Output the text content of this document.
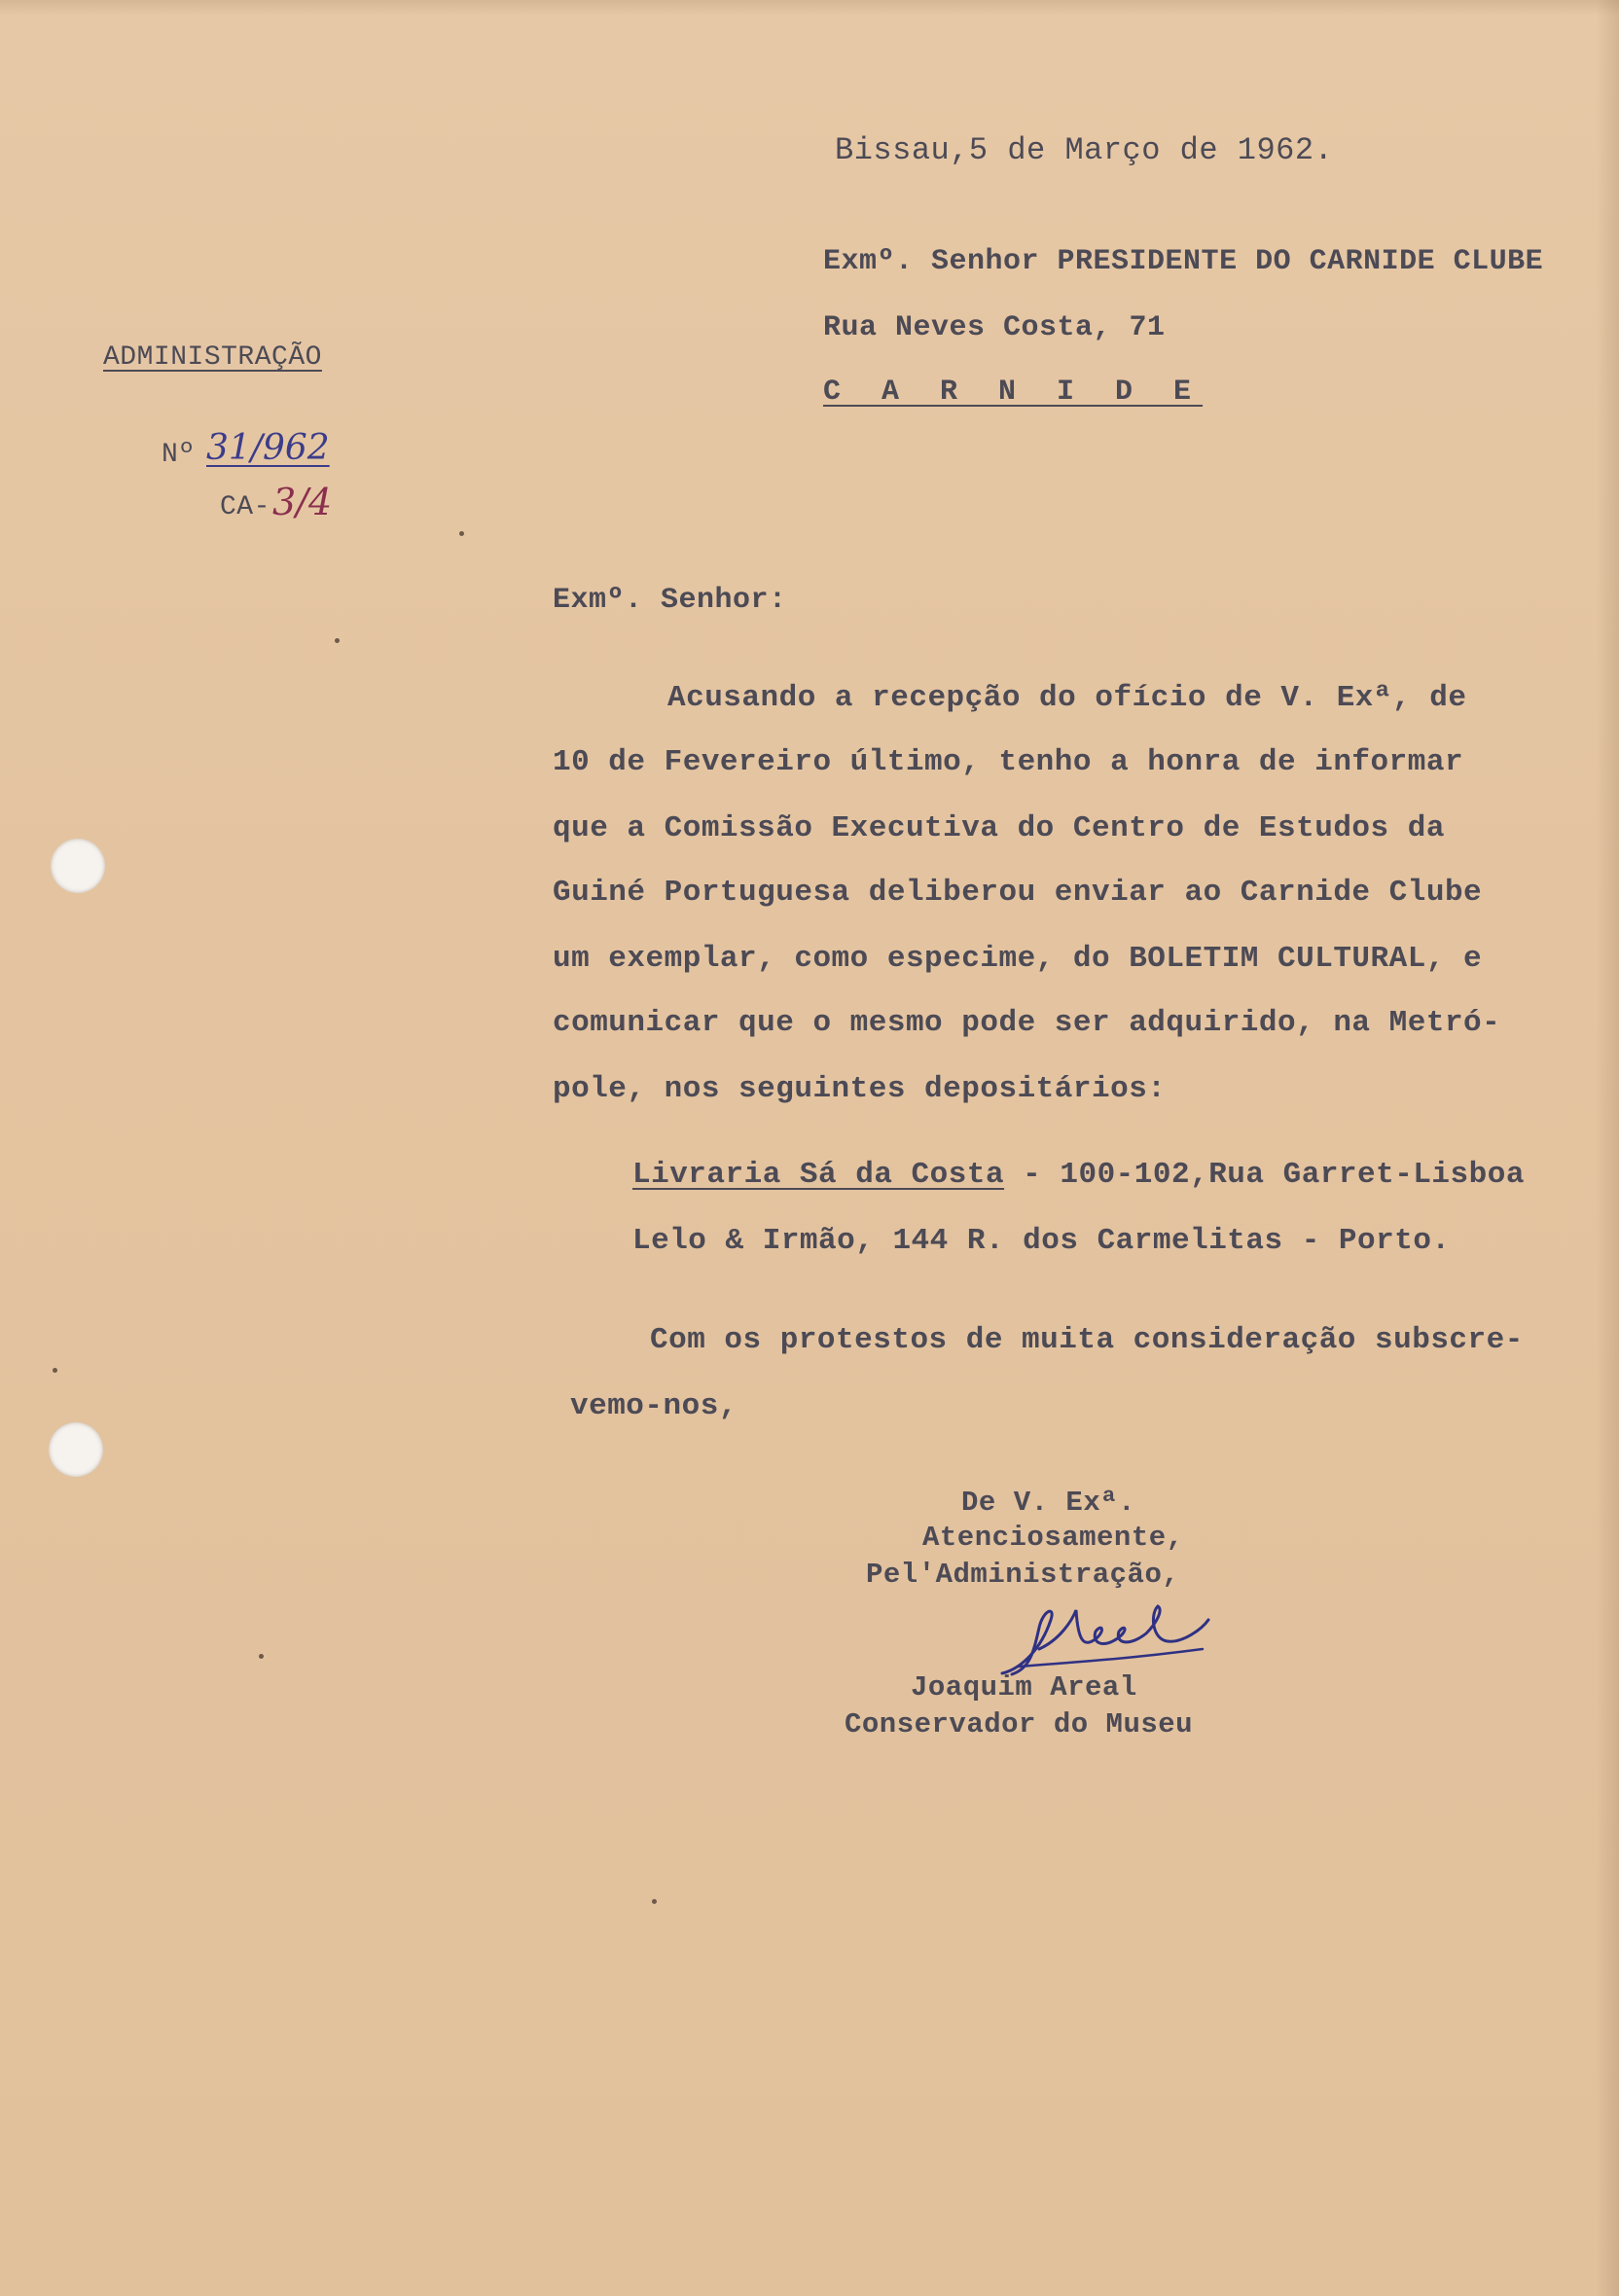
Bissau,5 de Março de 1962.
Exmº. Senhor PRESIDENTE DO CARNIDE CLUBE
Rua Neves Costa, 71
C A R N I D E
ADMINISTRAÇÃO
Nº 31/962
CA- 3/4
Exmº. Senhor:
Acusando a recepção do ofício de V. Exª, de
10 de Fevereiro último, tenho a honra de informar
que a Comissão Executiva do Centro de Estudos da
Guiné Portuguesa deliberou enviar ao Carnide Clube
um exemplar, como especime, do BOLETIM CULTURAL, e
comunicar que o mesmo pode ser adquirido, na Metró-
pole, nos seguintes depositários:
Livraria Sá da Costa - 100-102,Rua Garret-Lisboa
Lelo & Irmão, 144 R. dos Carmelitas - Porto.
Com os protestos de muita consideração subscre-
vemo-nos,
De V. Exª.
Atenciosamente,
Pel'Administração,
Joaquim Areal
Conservador do Museu
